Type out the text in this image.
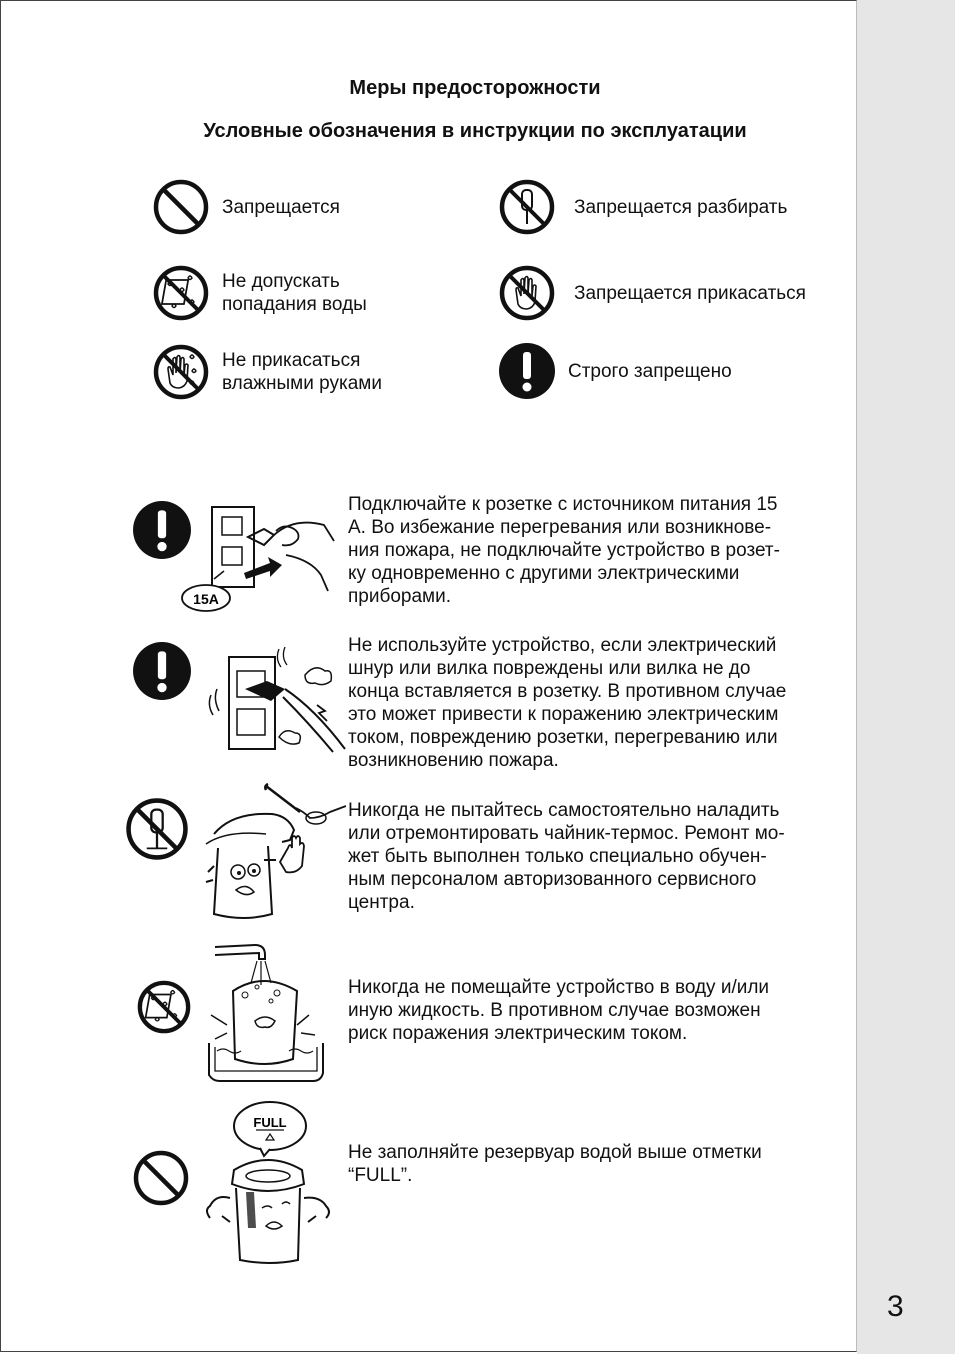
Меры предосторожности
Условные обозначения в инструкции по эксплуатации
Запрещается	Запрещается разбирать
Не допускать
попадания воды
Запрещается прикасаться
Не прикасаться
влажными руками
Строго запрещено
15A
Подключайте к розетке с источником питания 15
А. Во избежание перегревания или возникнове-
ния пожара, не подключайте устройство в розет-
ку одновременно с другими электрическими
приборами.
Не используйте устройство, если электрический
шнур или вилка повреждены или вилка не до
конца вставляется в розетку. В противном случае
это может привести к поражению электрическим
током, повреждению розетки, перегреванию или
возникновению пожара.
Никогда не пытайтесь самостоятельно наладить
или отремонтировать чайник-термос. Ремонт мо-
жет быть выполнен только специально обучен-
ным персоналом авторизованного сервисного
центра.
Никогда не помещайте устройство в воду и/или
иную жидкость. В противном случае возможен
риск поражения электрическим током.
FULL
Не заполняйте резервуар водой выше отметки
“FULL”.
3
